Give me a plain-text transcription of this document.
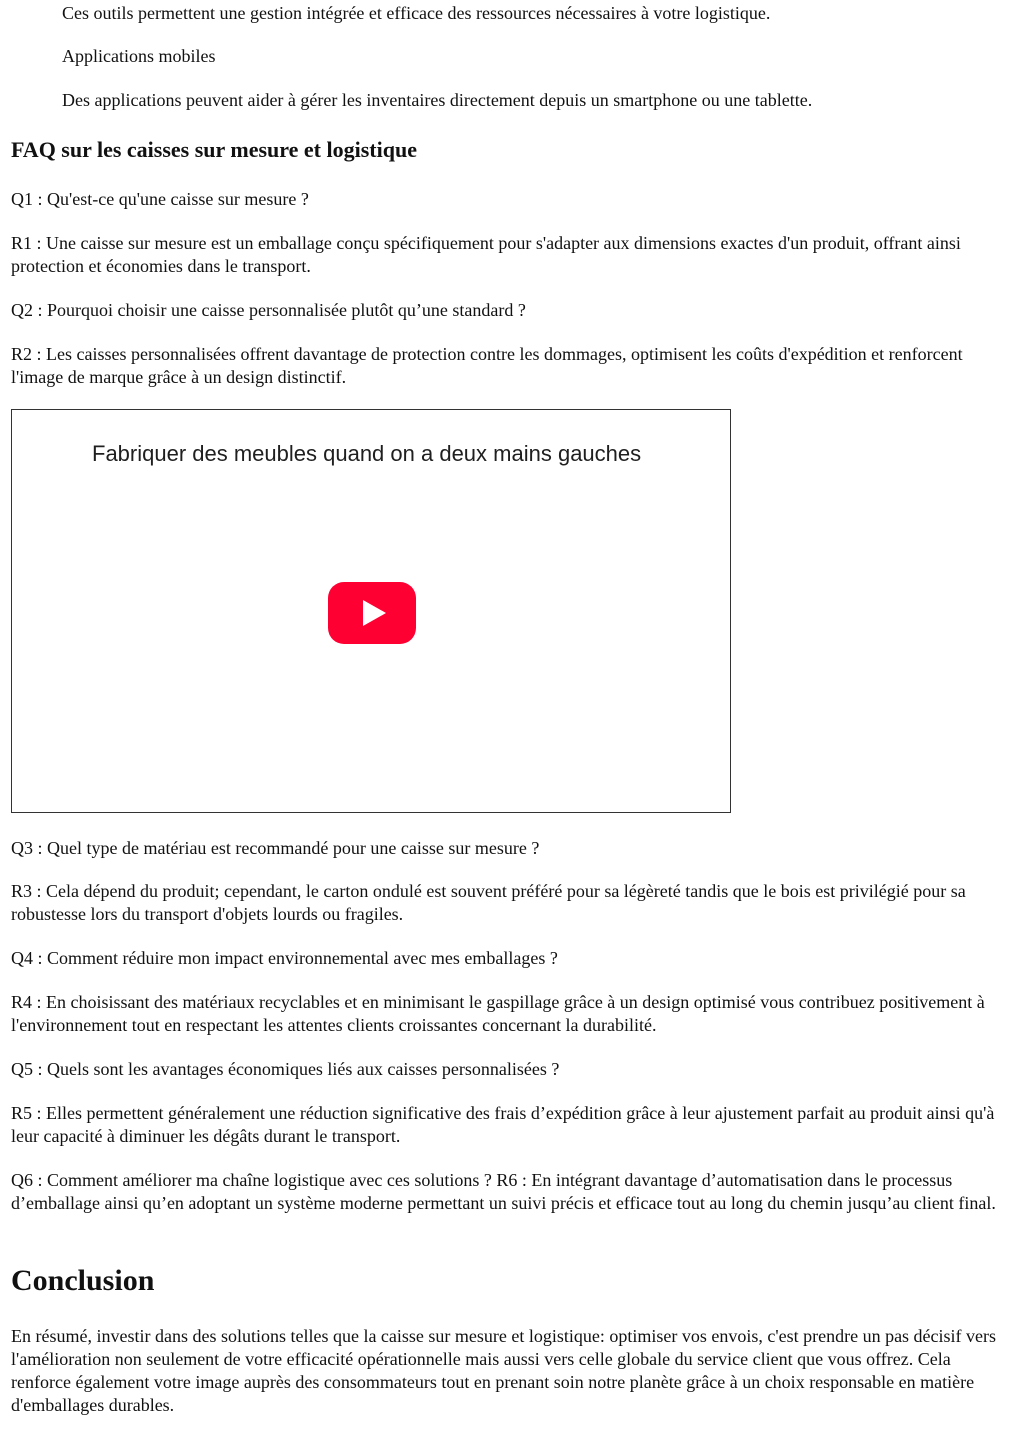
Ces outils permettent une gestion intégrée et efficace des ressources nécessaires à votre logistique.

Applications mobiles

Des applications peuvent aider à gérer les inventaires directement depuis un smartphone ou une tablette.

FAQ sur les caisses sur mesure et logistique

Q1 : Qu'est-ce qu'une caisse sur mesure ?

R1 : Une caisse sur mesure est un emballage conçu spécifiquement pour s'adapter aux dimensions exactes d'un produit, offrant ainsi protection et économies dans le transport.

Q2 : Pourquoi choisir une caisse personnalisée plutôt qu’une standard ?

R2 : Les caisses personnalisées offrent davantage de protection contre les dommages, optimisent les coûts d'expédition et renforcent l'image de marque grâce à un design distinctif.

Fabriquer des meubles quand on a deux mains gauches

Q3 : Quel type de matériau est recommandé pour une caisse sur mesure ?

R3 : Cela dépend du produit; cependant, le carton ondulé est souvent préféré pour sa légèreté tandis que le bois est privilégié pour sa robustesse lors du transport d'objets lourds ou fragiles.

Q4 : Comment réduire mon impact environnemental avec mes emballages ?

R4 : En choisissant des matériaux recyclables et en minimisant le gaspillage grâce à un design optimisé vous contribuez positivement à l'environnement tout en respectant les attentes clients croissantes concernant la durabilité.

Q5 : Quels sont les avantages économiques liés aux caisses personnalisées ?

R5 : Elles permettent généralement une réduction significative des frais d’expédition grâce à leur ajustement parfait au produit ainsi qu'à leur capacité à diminuer les dégâts durant le transport.

Q6 : Comment améliorer ma chaîne logistique avec ces solutions ? R6 : En intégrant davantage d’automatisation dans le processus d’emballage ainsi qu’en adoptant un système moderne permettant un suivi précis et efficace tout au long du chemin jusqu’au client final.

Conclusion

En résumé, investir dans des solutions telles que la caisse sur mesure et logistique: optimiser vos envois, c'est prendre un pas décisif vers l'amélioration non seulement de votre efficacité opérationnelle mais aussi vers celle globale du service client que vous offrez. Cela renforce également votre image auprès des consommateurs tout en prenant soin notre planète grâce à un choix responsable en matière d'emballages durables.
